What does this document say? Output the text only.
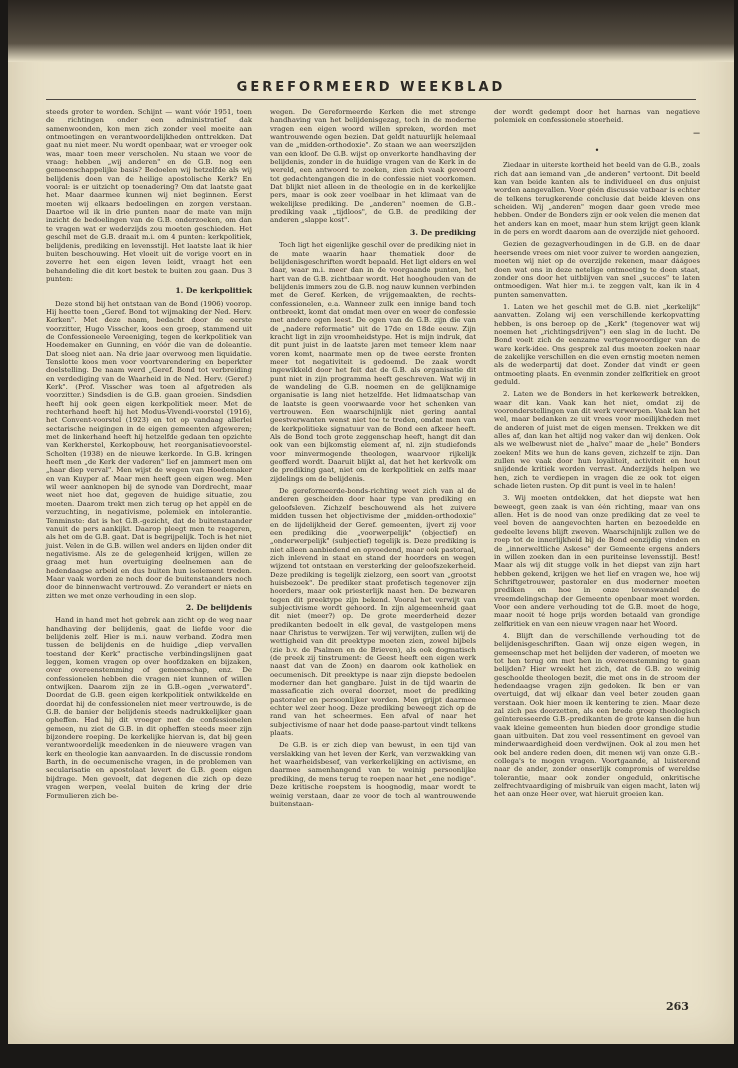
GEREFORMEERD WEEKBLAD

steeds groter te worden. Schijnt — want vóór 1951, toen de richtingen onder een administratief dak samenwoonden, kon men zich zonder veel moeite aan ontmoetingen en verantwoordelijkheden onttrekken. Dat gaat nu niet meer. Nu wordt openbaar, wat er vroeger ook was, maar toen meer verscholen. Nu staan we voor de vraag: hebben „wij anderen" en de G.B. nog een gemeenschappelijke basis? Bedoelen wij hetzelfde als wij belijdenis doen van de heilige apostolische Kerk? En vooral: is er uitzicht op toenadering? Om dat laatste gaat het. Maar daarmee kunnen wij niet beginnen. Eerst moeten wij elkaars bedoelingen en zorgen verstaan. Daartoe wil ik in drie punten naar de mate van mijn inzicht de bedoelingen van de G.B. onderzoeken, om dan te vragen wat er wederzijds zou moeten geschieden. Het geschil met de G.B. draait m.i. om 4 punten: kerkpolitiek, belijdenis, prediking en levensstijl. Het laatste laat ik hier buiten beschouwing. Het vloeit uit de vorige voort en in zoverre het een eigen leven leidt, vraagt het een behandeling die dit kort bestek te buiten zou gaan. Dus 3 punten:

1. De kerkpolitiek

Deze stond bij het ontstaan van de Bond (1906) voorop. Hij heette toen „Geref. Bond tot wijmaking der Ned. Herv. Kerken". Met deze naam, bedacht door de eerste voorzitter, Hugo Visscher, koos een groep, stammend uit de Confessioneele Vereeniging, tegen de kerkpolitiek van Hoedemaker en Gunning, en vóór die van de doleantie. Dat sloeg niet aan. Na drie jaar overwoog men liquidatie. Tenslotte koos men voor voortvarendering en beperkter doelstelling. De naam werd „Geref. Bond tot verbreiding en verdediging van de Waarheid in de Ned. Herv. (Geref.) Kerk". (Prof. Visscher was toen al afgetreden als voorzitter.) Sindsdien is de G.B. gaan groeien. Sindsdien heeft hij ook geen eigen kerkpolitiek meer. Met de rechterhand heeft hij het Modus-Vivendi-voorstel (1916), het Convent-voorstel (1923) en tot op vandaag allerlei sectarische neigingen in de eigen gemeenten afgeweren; met de linkerhand heeft hij hetzelfde gedaan ten opzichte van Kerkherstel, Kerkopbouw, het reorganisatievoorstel-Scholten (1938) en de nieuwe kerkorde. In G.B. kringen heeft men „de Kerk der vaderen" lief en jammert men om „haar diep verval". Men wijst de wegen van Hoedemaker en van Kuyper af. Maar men heeft geen eigen weg. Men wil weer aanknopen bij de synode van Dordrecht, maar weet niet hoe dat, gegeven de huidige situatie, zou moeten. Daarom trekt men zich terug op het appèl en de verzuchting, in negativisme, polemiek en intolerantie. Tenminste: dat is het G.B.-gezicht, dat de buitenstaander vanuit de pers aankijkt. Daarop pleegt men te reageren, als het om de G.B. gaat. Dat is begrijpelijk. Toch is het niet juist. Velen in de G.B. willen wel anders en lijden onder dit negativisme. Als ze de gelegenheid krijgen, willen ze graag met hun overtuiging deelnemen aan de hedendaagse arbeid en dus buiten hun isolement treden. Maar vaak worden ze noch door de buitenstaanders noch door de binnenwacht vertrouwd. Zo verandert er niets en zitten we met onze verhouding in een slop.

2. De belijdenis

Hand in hand met het gebrek aan zicht op de weg naar handhaving der belijdenis, gaat de liefde voor die belijdenis zelf. Hier is m.i. nauw verband. Zodra men tussen de belijdenis en de huidige „diep vervallen toestand der Kerk" practische verbindingslijnen gaat leggen, komen vragen op over hoofdzaken en bijzaken, over overeenstemming of gemeenschap, enz. De confessionelen hebben die vragen niet kunnen of willen ontwijken. Daarom zijn ze in G.B.-ogen „verwaterd". Doordat de G.B. geen eigen kerkpolitiek ontwikkelde en doordat hij de confessionelen niet meer vertrouwde, is de G.B. de banier der belijdenis steeds nadrukkelijker gaan opheffen. Had hij dit vroeger met de confessionelen gemeen, nu ziet de G.B. in dit opheffen steeds meer zijn bijzondere roeping. De kerkelijke hiervan is, dat bij geen verantwoordelijk meedenken in de nieuwere vragen van kerk en theologie kan aanvaarden. In de discussie rondom Barth, in de oecumenische vragen, in de problemen van secularisatie en apostolaat levert de G.B. geen eigen bijdrage. Men gevoelt, dat degenen die zich op deze vragen werpen, veelal buiten de kring der drie Formulieren zich be-

wegen. De Gereformeerde Kerken die met strenge handhaving van het belijdenisgezag, toch in de moderne vragen een eigen woord willen spreken, worden met wantrouwende ogen bezien. Dat geldt natuurlijk helemaal van de „midden-orthodoxie". Zo staan we aan weerszijden van een kloof. De G.B. wijst op onverkorte handhaving der belijdenis, zonder in de huidige vragen van de Kerk in de wereld, een antwoord te zoeken, zien zich vaak gevoerd tot gedachtengangen die in de confessie niet voorkomen. Dat blijkt niet alleen in de theologie en in de kerkelijke pers, maar is ook zeer voelbaar in het klimaat van de wekelijkse prediking. De „anderen" noemen de G.B.-prediking vaak „tijdloos", de G.B. de prediking der anderen „slappe kost".

3. De prediking

Toch ligt het eigenlijke geschil over de prediking niet in de mate waarin haar thematiek door de belijdenisgeschriften wordt bepaald. Het ligt elders en wel daar, waar m.i. meer dan in de voorgaande punten, het hart van de G.B. zichtbaar wordt. Het hooghouden van de belijdenis immers zou de G.B. nog nauw kunnen verbinden met de Geref. Kerken, de vrijgemaakten, de rechts-confessionelen, e.a. Wanneer zulk een innige band toch ontbreekt, komt dat omdat men over en weer de confessie met andere ogen leest. De ogen van de G.B. zijn die van de „nadere reformatie" uit de 17de en 18de eeuw. Zijn kracht ligt in zijn vroomheidstype. Het is mijn indruk, dat dit punt juist in de laatste jaren met temeer klem naar voren komt, naarmate men op de twee eerste fronten meer tot negativiteit is gedoemd. De zaak wordt ingewikkeld door het feit dat de G.B. als organisatie dit punt niet in zijn programma heeft geschreven. Wat wij in de wandeling de G.B. noemen en de gelijknamige organisatie is lang niet hetzelfde. Het lidmaatschap van de laatste is geen voorwaarde voor het schenken van vertrouwen. Een waarschijnlijk niet gering aantal geestverwanten wenst niet toe te treden, omdat men van de kerkpolitieke signatuur van de Bond een afkeer heeft. Als de Bond toch grote zeggenschap heeft, hangt dit dan ook van een bijkomstig element af, nl. zijn studiefonds voor minvermogende theologen, waarvoor rijkelijk geofferd wordt. Daaruit blijkt al, dat het het kerkvolk om de prediking gaat, niet om de kerkpolitiek en zelfs maar zijdelings om de belijdenis.

De gereformeerde-bonds-richting weet zich van al de anderen gescheiden door haar type van prediking en geloofsleven. Zichzelf beschouwend als het zuivere midden tussen het objectivisme der „midden-orthodoxie" en de lijdelijkheid der Geref. gemeenten, ijvert zij voor een prediking die „voorwerpelijk" (objectief) en „onderwerpelijk" (subjectief) tegelijk is. Deze prediking is niet alleen aanbiedend en opvoedend, maar ook pastoraal, zich inlevend in staat en stand der hoorders en wegen wijzend tot ontstaan en versterking der geloofszekerheid. Deze prediking is tegelijk zielzorg, een soort van „grootst huisbezoek". De prediker staat profetisch tegenover zijn hoorders, maar ook priesterlijk naast hen. De bezwaren tegen dit preektype zijn bekend. Vooral het verwijt van subjectivisme wordt gehoord. In zijn algemeenheid gaat dit niet (meer?) op. De grote meerderheid dezer predikanten bedoelt in elk geval, de vastgelopen mens naar Christus te verwijzen. Ter wij verwijten, zullen wij de wettigheid van dit preektype moeten zien, zowel bijbels (zie b.v. de Psalmen en de Brieven), als ook dogmatisch (de preek zij tinstrument: de Geest heeft een eigen werk naast dat van de Zoon) en daarom ook katholiek en oecumenisch. Dit preektype is naar zijn diepste bedoelen moderner dan het gangbare. Juist in de tijd waarin de massaficatie zich overal doorzet, moet de prediking pastoraler en persoonlijker worden. Men grijpt daarmee echter wel zeer hoog. Deze prediking beweegt zich op de rand van het scheermes. Een afval of naar het subjectivisme of naar het dode paase-partout vindt telkens plaats.

De G.B. is er zich diep van bewust, in een tijd van verslakking van het leven der Kerk, van verzwakking van het waarheidsbesef, van verkerkelijking en activisme, en daarmee samenhangend van te weinig persoonlijke prediking, de mens terug te roepen naar het „ene nodige". Deze kritische roepstem is hoognodig, maar wordt te weinig verstaan, daar ze voor de toch al wantrouwende buitenstaan-

der wordt gedempt door het harnas van negatieve polemiek en confessionele stoerheid.

—
•

Ziedaar in uiterste kortheid het beeld van de G.B., zoals rich dat aan iemand van „de anderen" vertoont. Dit beeld kan van beide kanten als te individueel en dus onjuist worden aangevallen. Voor géén discussie vatbaar is echter de telkens terugkerende conclusie dat beide kleven ons scheiden. Wij „anderen" mogen daar geen vrede mee hebben. Onder de Bonders zijn er ook velen die menen dat het anders kan en moet, maar hun stem krijgt geen klank in de pers en wordt daarom aan de overzijde niet gehoord.

Gezien de gezagverhoudingen in de G.B. en de daar heersende vrees om niet voor zuiver te worden aangezien, moeten wij niet op de overzijde rekenen, maar dáágoes doen wat ons in deze netelige ontmoeting te doen staat, zonder ons door het uitblijven van snel „succes" te laten ontmoedigen. Wat hier m.i. te zeggen valt, kan ik in 4 punten samenvatten.

1. Laten we het geschil met de G.B. niet „kerkelijk" aanvatten. Zolang wij een verschillende kerkopvatting hebben, is ons beroep op de „Kerk" (tegenover wat wij noemen het „richtingsdrijven") een slag in de lucht. De Bond voelt zich de eenzame vertegenwoordiger van de ware kerk-idee. Ons gesprek zal dus moeten zoeken naar de zakelijke verschillen en die even ernstig moeten nemen als de wederpartij dat doet. Zonder dat vindt er geen ontmoeting plaats. En evenmin zonder zelfkritiek en groot geduld.

2. Laten we de Bonders in het kerkewerk betrekken, waar dit kan. Vaak kan het niet, omdat zij de vooronderstellingen van dit werk verwerpen. Vaak kan het wel, maar bedanken ze uit vrees voor moeilijkheden met de anderen of juist met de eigen mensen. Trekken we dit alles af, dan kan het altijd nog vaker dan wij denken. Ook als we welbewust niet de „halve" maar de „hele" Bonders zoeken! Mits we hun de kans geven, zichzelf te zijn. Dan zullen we vaak door hun loyaliteit, activiteit en hout snijdende kritiek worden verrast. Anderzijds helpen we hen, zich te verdiepen in vragen die ze ook tot eigen schade lieten rusten. Op dit punt is veel in te halen!

3. Wij moeten ontdekken, dat het diepste wat hen beweegt, geen zaak is van één richting, maar van ons allen. Het is de nood van onze prediking dat ze veel te veel boven de aangevochten harten en bezoedelde en gedeelte levens blijft zweven. Waarschijnlijk zullen we de roep tot de innerlijkheid bij de Bond eenzijdig vinden en de „innerweltliche Askese" der Gemeente ergens anders in willen zoeken dan in een puriteinse levensstijl. Best! Maar als wij dit stugge volk in het diepst van zijn hart hebben gekend, krijgen we het lief en vragen we, hoe wij Schriftgetrouwer, pastoraler en dus moderner moeten prediken en hoe in onze levenswandel de vreemdelingschap der Gemeente openbaar moet worden. Voor een andere verhouding tot de G.B. moet de hoge, maar nooit té hoge prijs worden betaald van grondige zelfkritiek en van een nieuw vragen naar het Woord.

4. Blijft dan de verschillende verhouding tot de belijdenisgeschriften. Gaan wij onze eigen wegen, in gemeenschap met het belijden der vaderen, of moeten we tot hen terug om met hen in overeenstemming te gaan belijden? Hier wreekt het zich, dat de G.B. zo weinig geschoolde theologen bezit, die met ons in de stroom der hedendaagse vragen zijn gedoken. Ik ben er van overtuigd, dat wij elkaar dan veel beter zouden gaan verstaan. Ook hier moen ik kentering te zien. Maar deze zal zich pas doorzetten, als een brede groep theologisch geïnteresseerde G.B.-predikanten de grote kansen die hun vaak kleine gemeenten hun bieden door grondige studie gaan uitbuiten. Dat zou veel ressentiment en gevoel van minderwaardigheid doen verdwijnen. Ook al zou men het ook bel andere reden doen, dit menen wij van onze G.B.-collega's te mogen vragen. Voortgaande, al luisterend naar de ander, zonder onserlijk compromis of wereldse tolerantie, maar ook zonder ongeduld, onkritische zelfrechtvaardiging of misbruik van eigen macht, laten wij het aan onze Heer over, wat hieruit groeien kan.

263
